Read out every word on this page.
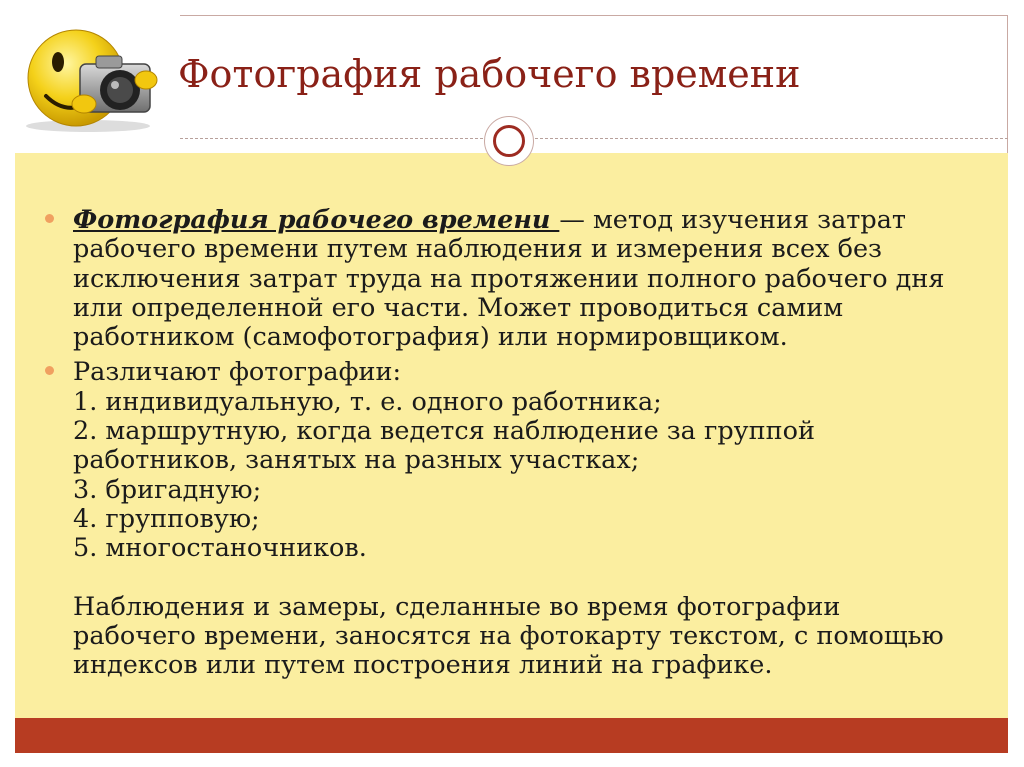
Фотография рабочего времени

Фотография рабочего времени — метод изучения затрат
рабочего времени путем наблюдения и измерения всех без
исключения затрат труда на протяжении полного рабочего дня
или определенной его части. Может проводиться самим
работником (самофотография) или нормировщиком.

Различают фотографии:
1. индивидуальную, т. е. одного работника;
2. маршрутную, когда ведется наблюдение за группой
работников, занятых на разных участках;
3. бригадную;
4. групповую;
5. многостаночников.
Наблюдения и замеры, сделанные во время фотографии
рабочего времени, заносятся на фотокарту текстом, с помощью
индексов или путем построения линий на графике.
